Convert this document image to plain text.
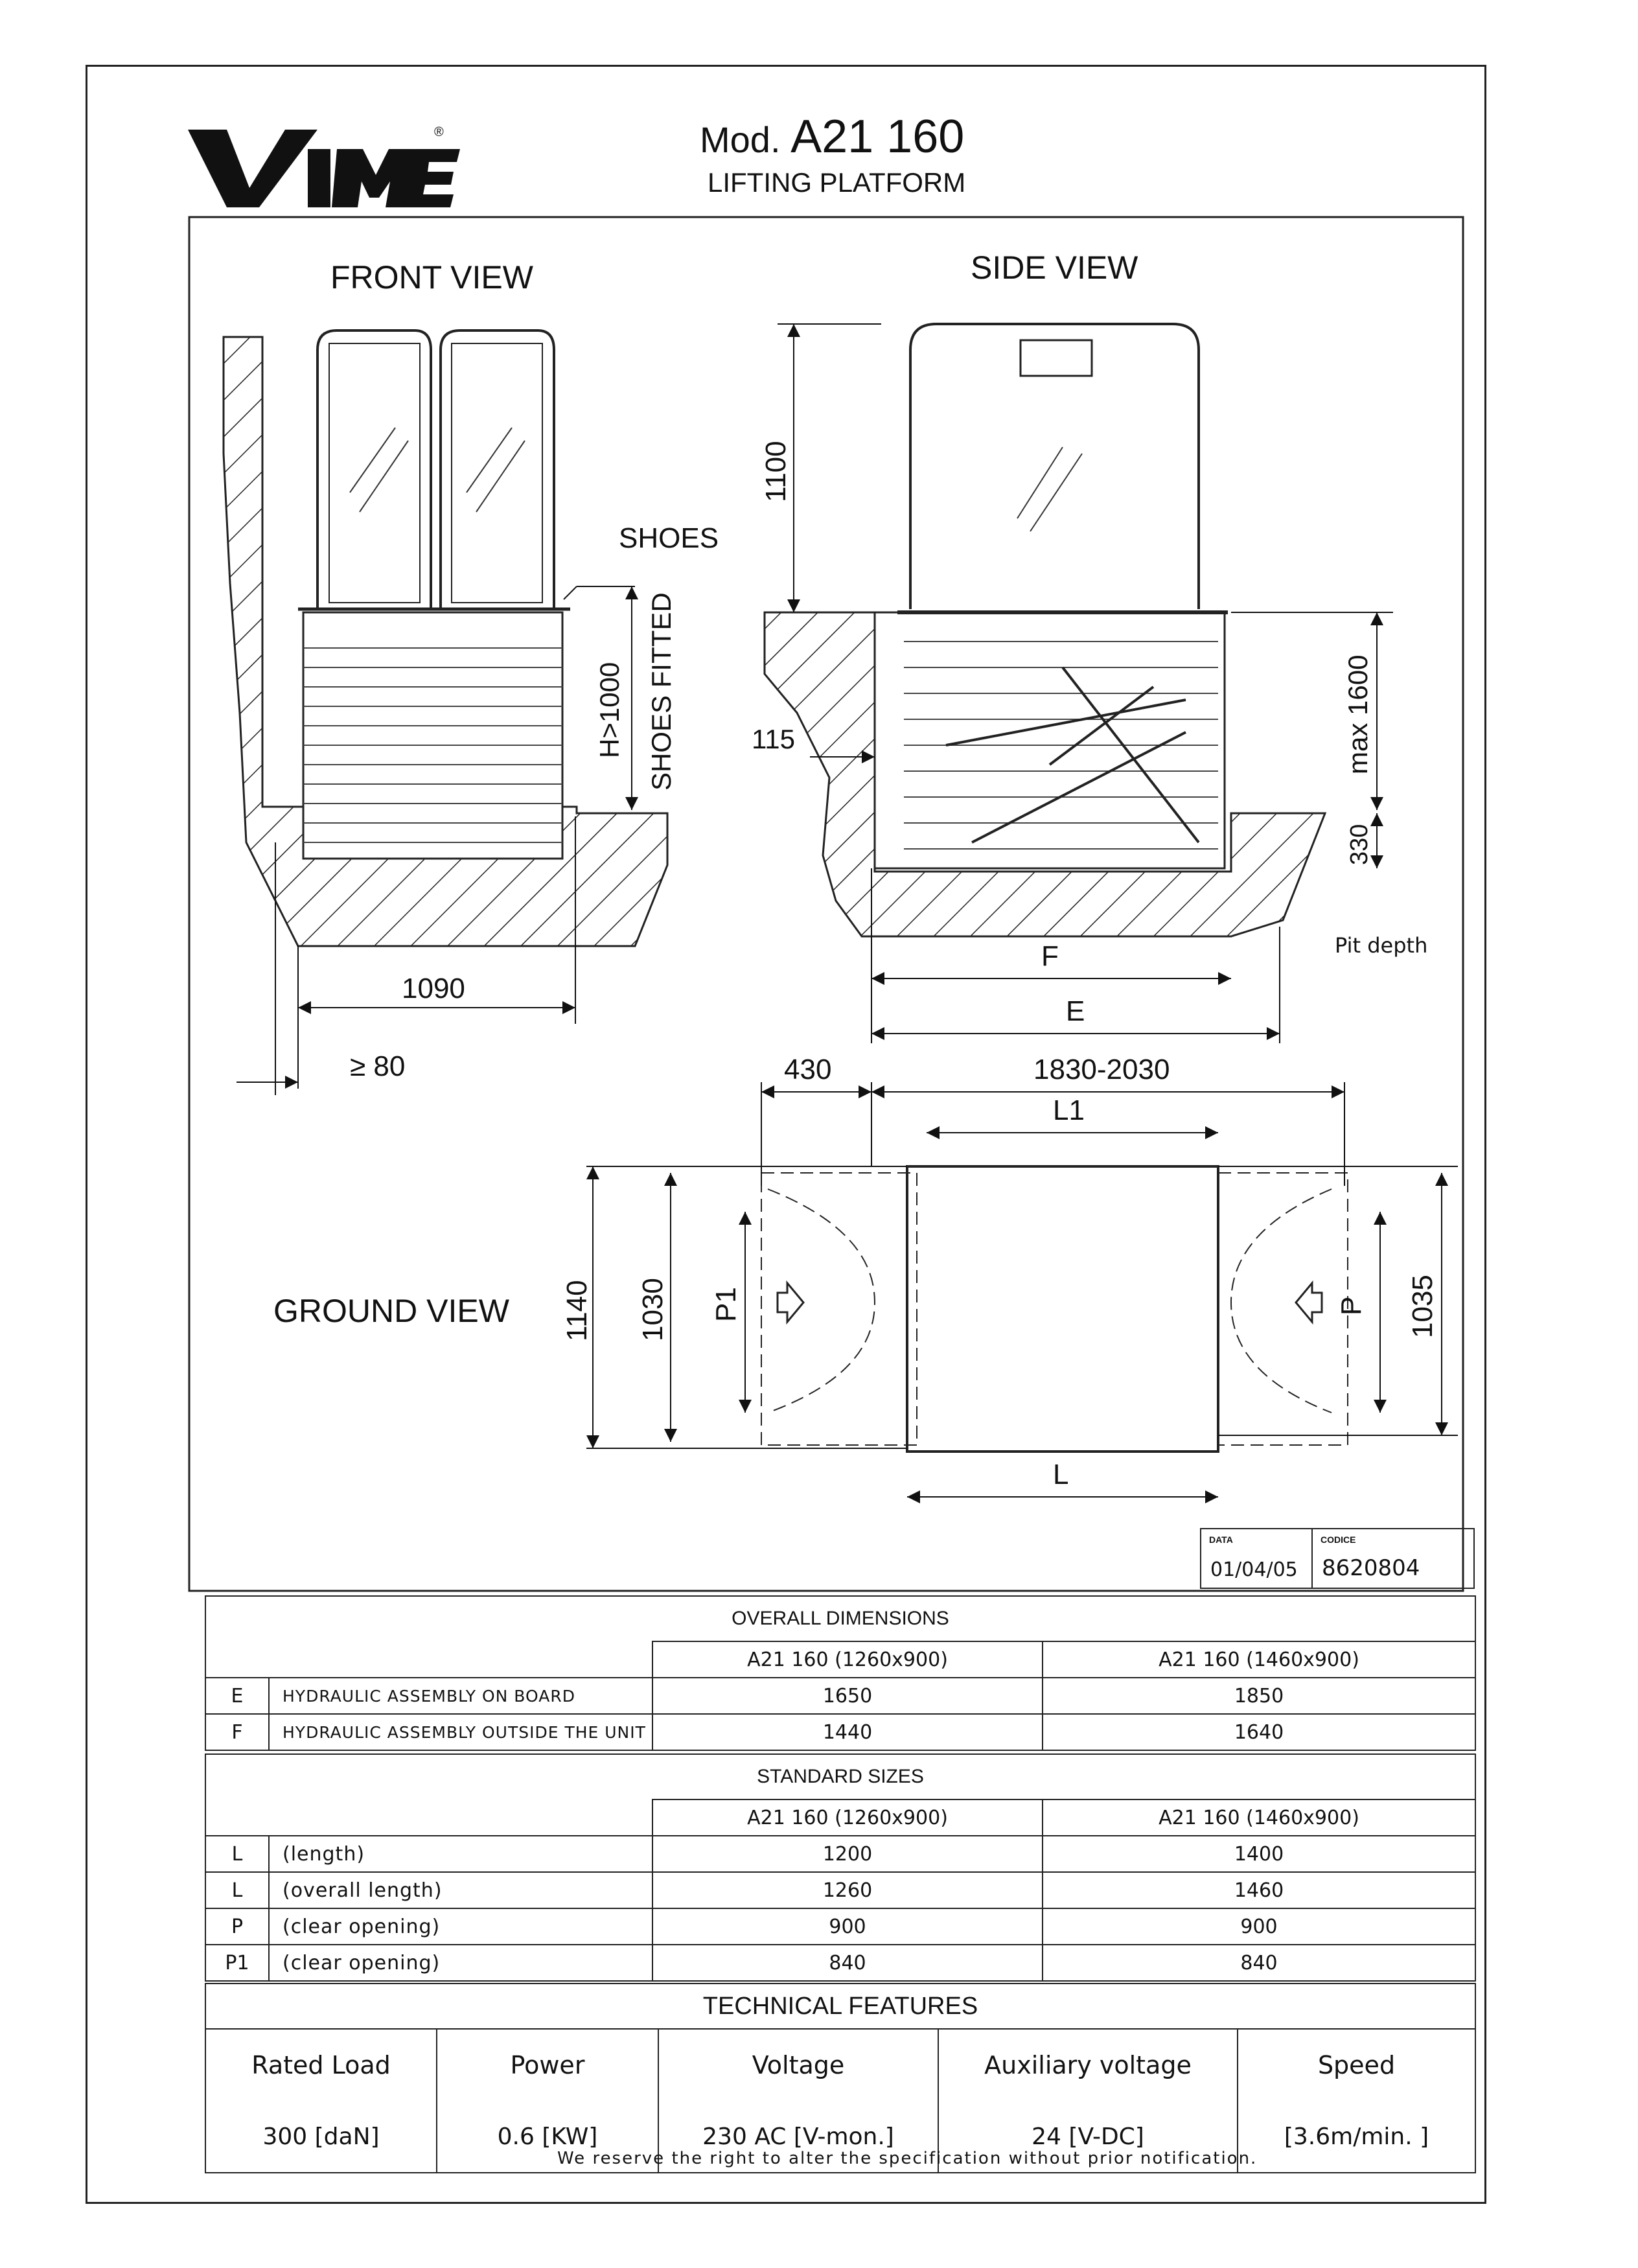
®	Mod. A21 160
LIFTING PLATFORM
FRONT VIEW
1090
≥ 80
SHOES
H>1000 SHOES FITTED
SIDE VIEW
1100
115	max 1600
330
Pit depth
F
E
GROUND VIEW
430	1830-2030
L1
L
1140 1030 P1	P 1035
DATA
01/04/05
CODICE
8620804
OVERALL DIMENSIONS			
		A21 160 (1260x900)	A21 160 (1460x900)
E	HYDRAULIC ASSEMBLY ON BOARD	1650	1850
F	HYDRAULIC ASSEMBLY OUTSIDE THE UNIT	1440	1640
STANDARD SIZES			
		A21 160 (1260x900)	A21 160 (1460x900)
L	(length)	1200	1400
L	(overall length)	1260	1460
P	(clear opening)	900	900
P1	(clear opening)	840	840
TECHNICAL FEATURES				
Rated Load	Power	Voltage	Auxiliary voltage	Speed
300 [daN]	0.6 [KW]	230 AC [V-mon.]	24 [V-DC]	[3.6m/min. ]
We reserve the right to alter the specification without prior notification.
